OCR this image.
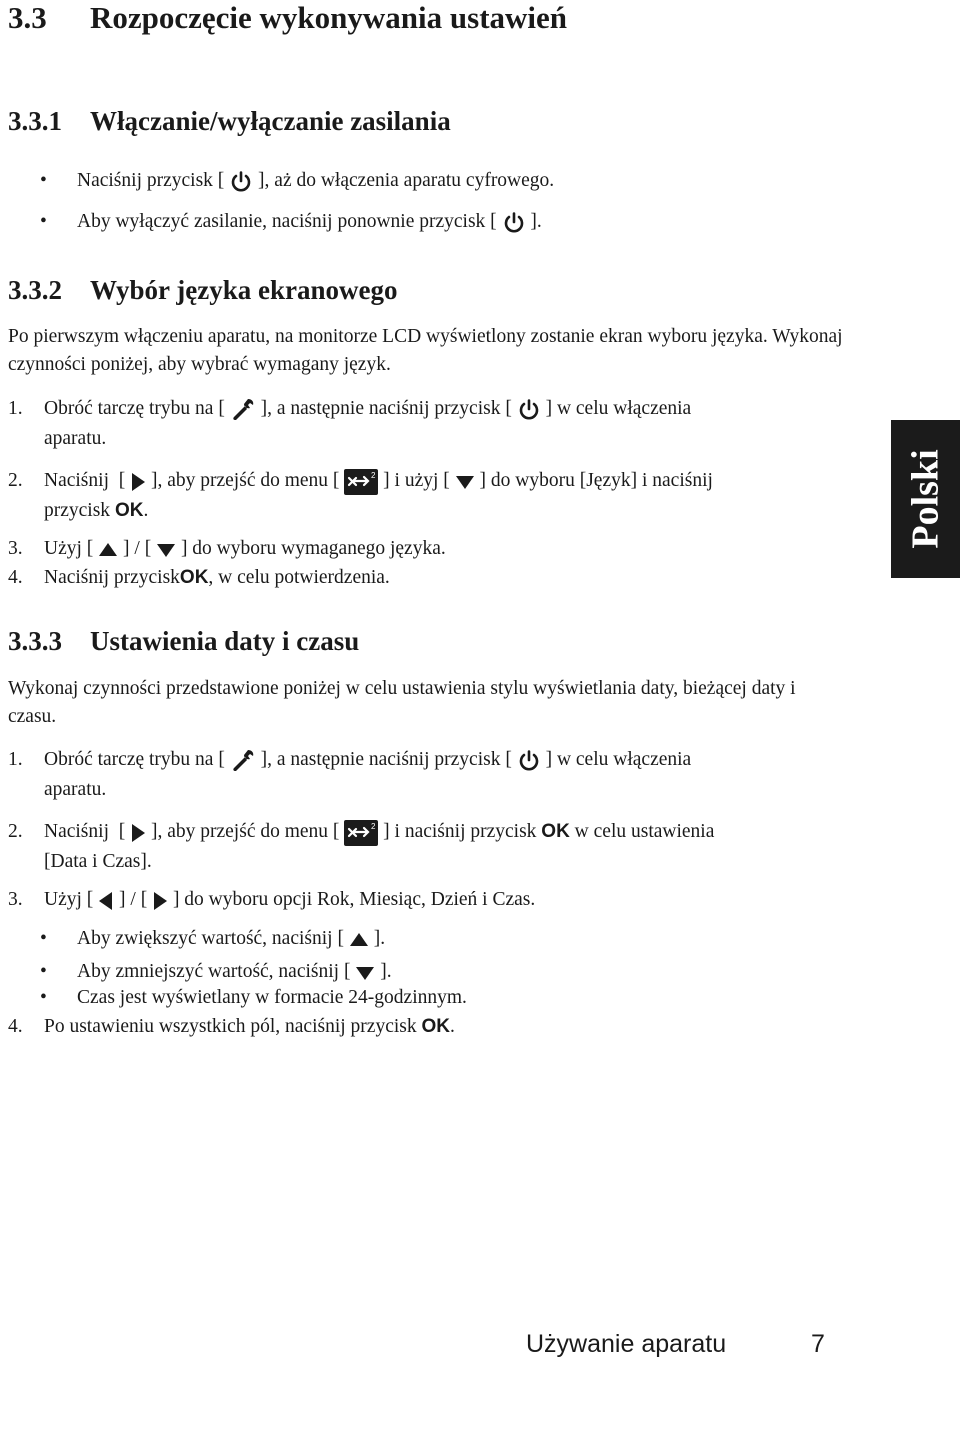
3.3 Rozpoczęcie wykonywania ustawień
3.3.1 Włączanie/wyłączanie zasilania
• Naciśnij przycisk [ ], aż do włączenia aparatu cyfrowego.
• Aby wyłączyć zasilanie, naciśnij ponownie przycisk [ ].
3.3.2 Wybór języka ekranowego
Po pierwszym włączeniu aparatu, na monitorze LCD wyświetlony zostanie ekran wyboru języka. Wykonaj czynności poniżej, aby wybrać wymagany język.
1. Obróć tarczę trybu na [ ], a następnie naciśnij przycisk [ ] w celu włączenia
aparatu.
2. Naciśnij  [ ], aby przejść do menu [	2 ] i użyj [ ] do wyboru [Język] i naciśnij
przycisk OK.
3. Użyj [ ] / [ ] do wyboru wymaganego języka.
4. Naciśnij przyciskOK, w celu potwierdzenia.
Polski
3.3.3 Ustawienia daty i czasu
Wykonaj czynności przedstawione poniżej w celu ustawienia stylu wyświetlania daty, bieżącej daty i czasu.
1. Obróć tarczę trybu na [ ], a następnie naciśnij przycisk [ ] w celu włączenia
aparatu.
2. Naciśnij  [ ], aby przejść do menu [	2 ] i naciśnij przycisk OK w celu ustawienia
[Data i Czas].
3. Użyj [ ] / [ ] do wyboru opcji Rok, Miesiąc, Dzień i Czas.
• Aby zwiększyć wartość, naciśnij [ ].
• Aby zmniejszyć wartość, naciśnij [ ].
• Czas jest wyświetlany w formacie 24-godzinnym.
4. Po ustawieniu wszystkich pól, naciśnij przycisk OK.
Używanie aparatu	7
